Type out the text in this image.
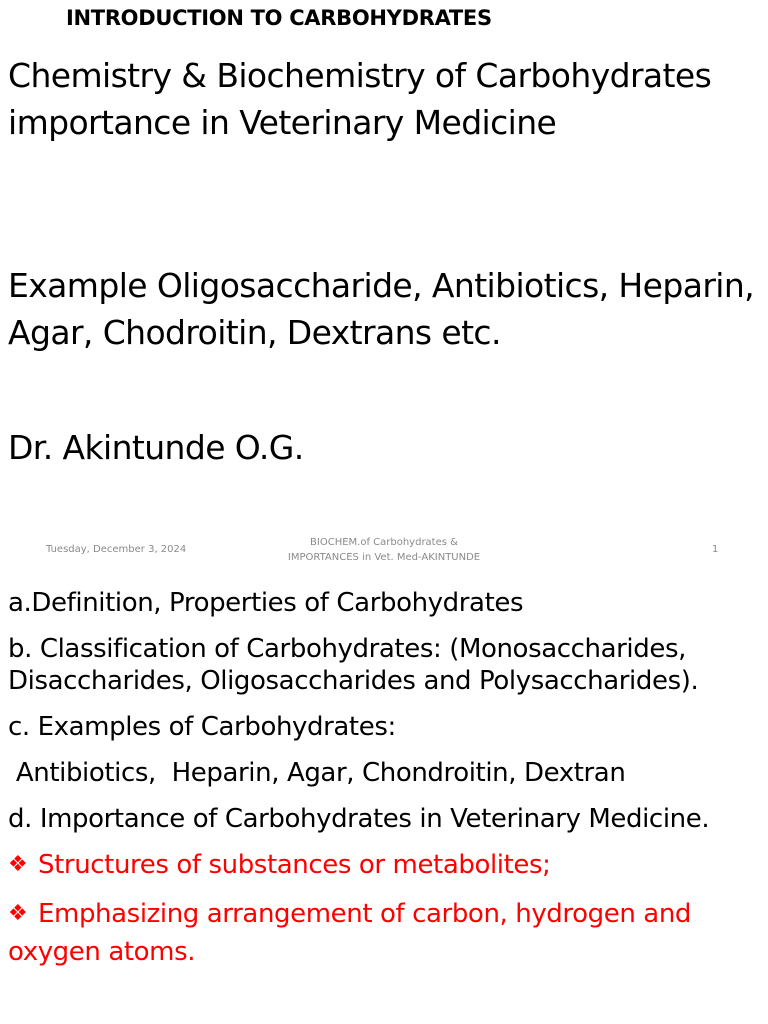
INTRODUCTION TO CARBOHYDRATES
Chemistry & Biochemistry of Carbohydrates importance in Veterinary Medicine
Example Oligosaccharide, Antibiotics, Heparin, Agar, Chodroitin, Dextrans etc.
Dr. Akintunde O.G.
Tuesday, December 3, 2024
BIOCHEM.of Carbohydrates &
IMPORTANCES in Vet. Med-AKINTUNDE
1
a.Definition, Properties of Carbohydrates
b. Classification of Carbohydrates: (Monosaccharides, Disaccharides, Oligosaccharides and Polysaccharides).
c. Examples of Carbohydrates:
Antibiotics,  Heparin, Agar, Chondroitin, Dextran
d. Importance of Carbohydrates in Veterinary Medicine.
❖ Structures of substances or metabolites;
❖ Emphasizing arrangement of carbon, hydrogen and oxygen atoms.
